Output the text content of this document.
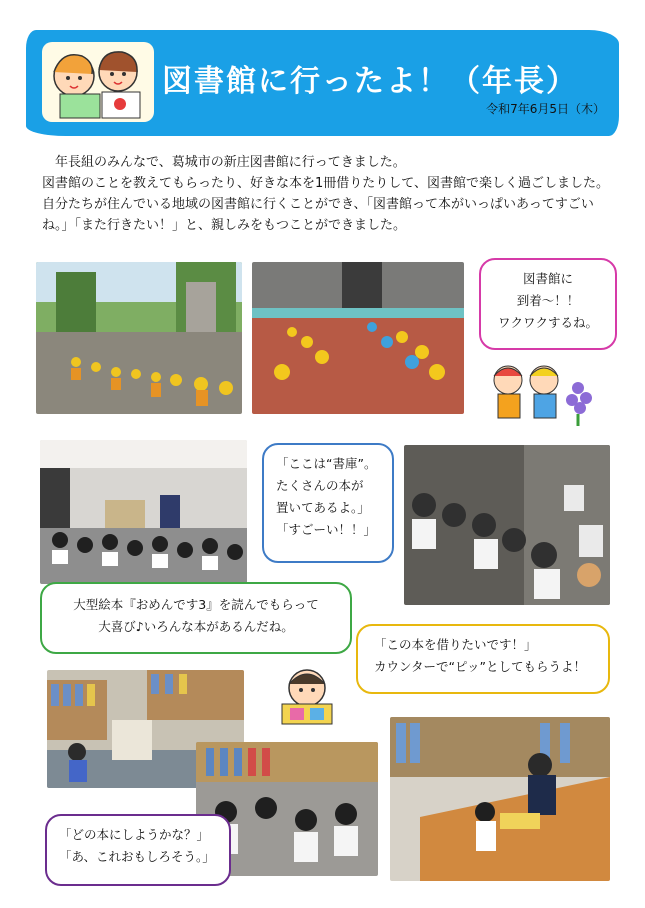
図書館に行ったよ！（年長）
令和7年6月5日（木）

年長組のみんなで、葛城市の新庄図書館に行ってきました。

図書館のことを教えてもらったり、好きな本を1冊借りたりして、図書館で楽しく過ごしました。自分たちが住んでいる地域の図書館に行くことができ、「図書館って本がいっぱいあってすごいね。」「また行きたい！」と、親しみをもつことができました。

図書館に
到着～！！
ワクワクするね。
「ここは“書庫”。
たくさんの本が
置いてあるよ。」
「すごーい！！」
大型絵本『おめんです3』を読んでもらって
大喜び♪いろんな本があるんだね。
「この本を借りたいです！」
カウンターで“ピッ”としてもらうよ！
「どの本にしようかな？」
「あ、これおもしろそう。」
